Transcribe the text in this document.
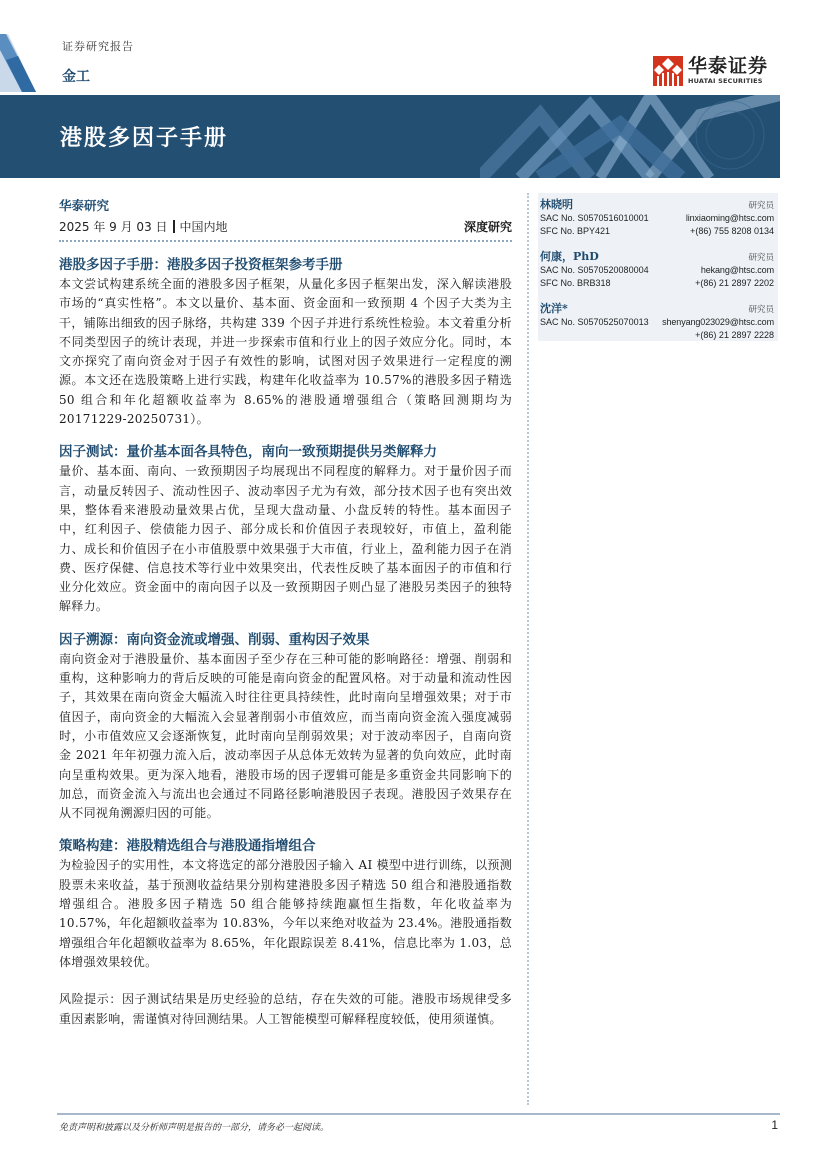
证券研究报告
金工	华泰证券
HUATAI SECURITIES
港股多因子手册
华泰研究
2025 年 9 月 03 日 中国内地	深度研究
港股多因子手册：港股多因子投资框架参考手册

本文尝试构建系统全面的港股多因子框架，从量化多因子框架出发，深入解读港股市场的“真实性格”。本文以量价、基本面、资金面和一致预期 4 个因子大类为主干，铺陈出细致的因子脉络，共构建 339 个因子并进行系统性检验。本文着重分析不同类型因子的统计表现，并进一步探索市值和行业上的因子效应分化。同时，本文亦探究了南向资金对于因子有效性的影响，试图对因子效果进行一定程度的溯源。本文还在选股策略上进行实践，构建年化收益率为 10.57%的港股多因子精选 50 组合和年化超额收益率为 8.65%的港股通增强组合（策略回测期均为 20171229-20250731）。

因子测试：量价基本面各具特色，南向一致预期提供另类解释力

量价、基本面、南向、一致预期因子均展现出不同程度的解释力。对于量价因子而言，动量反转因子、流动性因子、波动率因子尤为有效，部分技术因子也有突出效果，整体看来港股动量效果占优，呈现大盘动量、小盘反转的特性。基本面因子中，红利因子、偿债能力因子、部分成长和价值因子表现较好，市值上，盈利能力、成长和价值因子在小市值股票中效果强于大市值，行业上，盈利能力因子在消费、医疗保健、信息技术等行业中效果突出，代表性反映了基本面因子的市值和行业分化效应。资金面中的南向因子以及一致预期因子则凸显了港股另类因子的独特解释力。

因子溯源：南向资金流或增强、削弱、重构因子效果

南向资金对于港股量价、基本面因子至少存在三种可能的影响路径：增强、削弱和重构，这种影响力的背后反映的可能是南向资金的配置风格。对于动量和流动性因子，其效果在南向资金大幅流入时往往更具持续性，此时南向呈增强效果；对于市值因子，南向资金的大幅流入会显著削弱小市值效应，而当南向资金流入强度减弱时，小市值效应又会逐渐恢复，此时南向呈削弱效果；对于波动率因子，自南向资金 2021 年年初强力流入后，波动率因子从总体无效转为显著的负向效应，此时南向呈重构效果。更为深入地看，港股市场的因子逻辑可能是多重资金共同影响下的加总，而资金流入与流出也会通过不同路径影响港股因子表现。港股因子效果存在从不同视角溯源归因的可能。

策略构建：港股精选组合与港股通指增组合

为检验因子的实用性，本文将选定的部分港股因子输入 AI 模型中进行训练，以预测股票未来收益，基于预测收益结果分别构建港股多因子精选 50 组合和港股通指数增强组合。港股多因子精选 50 组合能够持续跑赢恒生指数，年化收益率为 10.57%，年化超额收益率为 10.83%，今年以来绝对收益为 23.4%。港股通指数增强组合年化超额收益率为 8.65%，年化跟踪误差 8.41%，信息比率为 1.03，总体增强效果较优。

风险提示：因子测试结果是历史经验的总结，存在失效的可能。港股市场规律受多重因素影响，需谨慎对待回测结果。人工智能模型可解释程度较低，使用须谨慎。

林晓明	研究员
SAC No. S0570516010001	linxiaoming@htsc.com
SFC No. BPY421	+(86) 755 8208 0134
何康，PhD	研究员
SAC No. S0570520080004	hekang@htsc.com
SFC No. BRB318	+(86) 21 2897 2202
沈洋*	研究员
SAC No. S0570525070013 shenyang023029@htsc.com
+(86) 21 2897 2228
免责声明和披露以及分析师声明是报告的一部分，请务必一起阅读。	1
